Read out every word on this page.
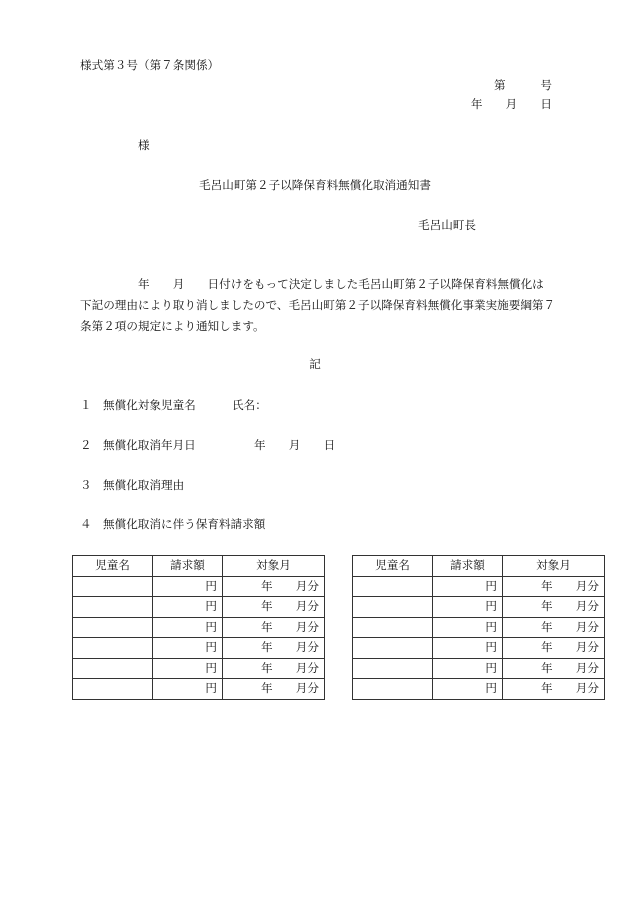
様式第３号（第７条関係）
第　　　号
年　　月　　日
様
毛呂山町第２子以降保育料無償化取消通知書
毛呂山町長
　　　　　年　　月　　日付けをもって決定しました毛呂山町第２子以降保育料無償化は
下記の理由により取り消しましたので、毛呂山町第２子以降保育料無償化事業実施要綱第７
条第２項の規定により通知します。
記
１ 無償化対象児童名	氏名：
２ 無償化取消年月日	年　　月　　日
３ 無償化取消理由
４ 無償化取消に伴う保育料請求額
児童名	請求額	対象月
	円	年　　月分
	円	年　　月分
	円	年　　月分
	円	年　　月分
	円	年　　月分
	円	年　　月分
児童名	請求額	対象月
	円	年　　月分
	円	年　　月分
	円	年　　月分
	円	年　　月分
	円	年　　月分
	円	年　　月分
